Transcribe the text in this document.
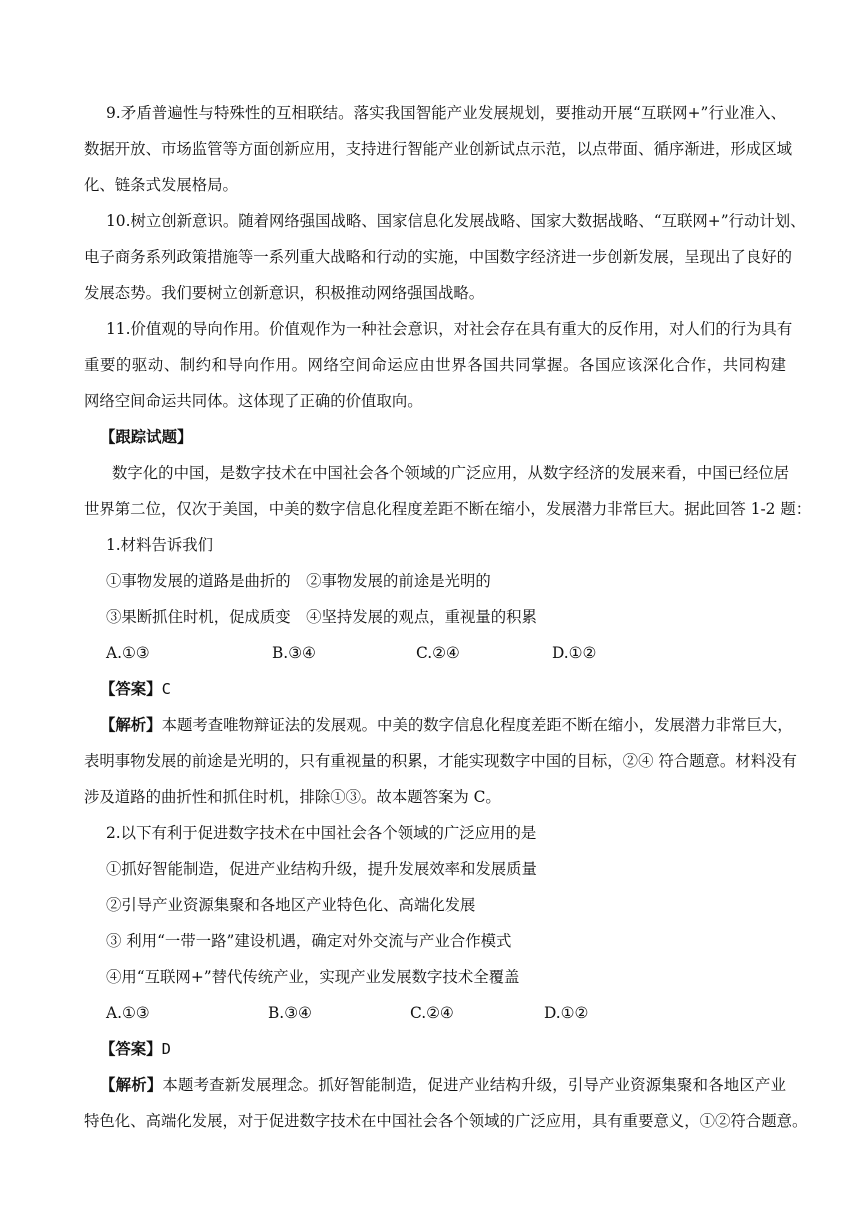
9.矛盾普遍性与特殊性的互相联结。落实我国智能产业发展规划，要推动开展“互联网+”行业准入、
数据开放、市场监管等方面创新应用，支持进行智能产业创新试点示范，以点带面、循序渐进，形成区域
化、链条式发展格局。
10.树立创新意识。随着网络强国战略、国家信息化发展战略、国家大数据战略、“互联网+”行动计划、
电子商务系列政策措施等一系列重大战略和行动的实施，中国数字经济进一步创新发展，呈现出了良好的
发展态势。我们要树立创新意识，积极推动网络强国战略。
11.价值观的导向作用。价值观作为一种社会意识，对社会存在具有重大的反作用，对人们的行为具有
重要的驱动、制约和导向作用。网络空间命运应由世界各国共同掌握。各国应该深化合作，共同构建
网络空间命运共同体。这体现了正确的价值取向。
【跟踪试题】
数字化的中国，是数字技术在中国社会各个领域的广泛应用，从数字经济的发展来看，中国已经位居
世界第二位，仅次于美国，中美的数字信息化程度差距不断在缩小，发展潜力非常巨大。据此回答 1-2 题：
1.材料告诉我们
①事物发展的道路是曲折的　②事物发展的前途是光明的
③果断抓住时机，促成质变　④坚持发展的观点，重视量的积累
A.①③	B.③④	C.②④	D.①②
【答案】C
【解析】本题考查唯物辩证法的发展观。中美的数字信息化程度差距不断在缩小，发展潜力非常巨大，
表明事物发展的前途是光明的，只有重视量的积累，才能实现数字中国的目标，②④ 符合题意。材料没有
涉及道路的曲折性和抓住时机，排除①③。故本题答案为 C。
2.以下有利于促进数字技术在中国社会各个领域的广泛应用的是
①抓好智能制造，促进产业结构升级，提升发展效率和发展质量
②引导产业资源集聚和各地区产业特色化、高端化发展
③ 利用“一带一路”建设机遇，确定对外交流与产业合作模式
④用“互联网+”替代传统产业，实现产业发展数字技术全覆盖
A.①③	B.③④	C.②④	D.①②
【答案】D
【解析】本题考查新发展理念。抓好智能制造，促进产业结构升级，引导产业资源集聚和各地区产业
特色化、高端化发展，对于促进数字技术在中国社会各个领域的广泛应用，具有重要意义，①②符合题意。
